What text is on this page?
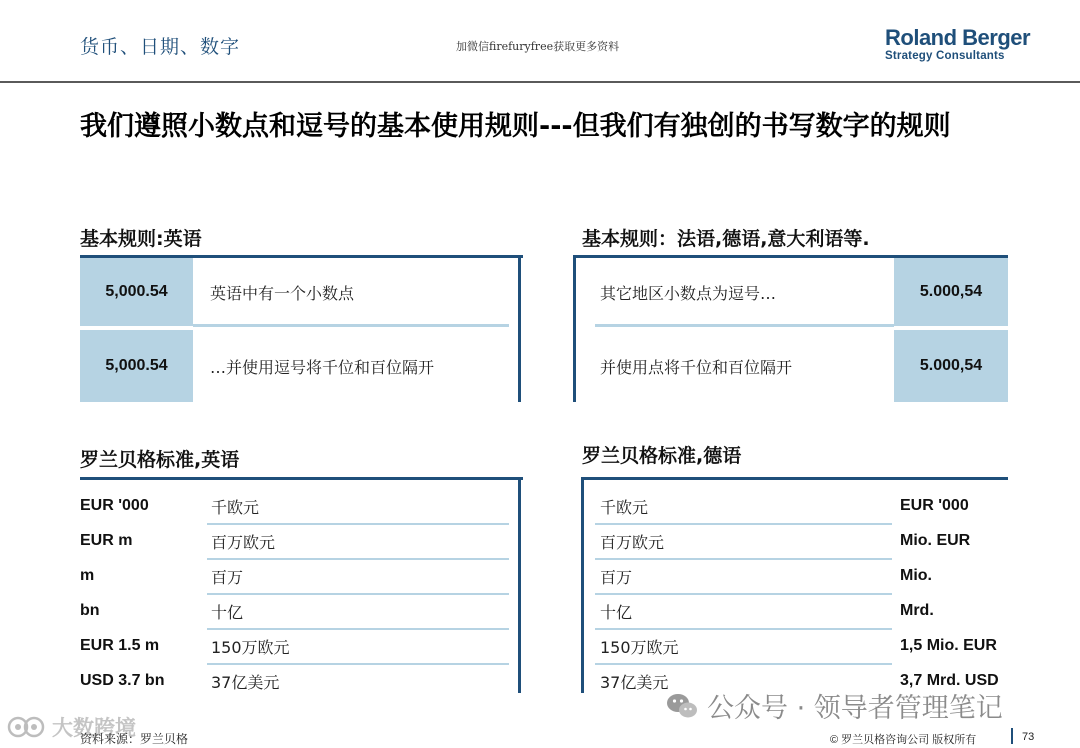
货币、日期、数字	加微信firefuryfree获取更多资料	Roland Berger
Strategy Consultants
我们遵照小数点和逗号的基本使用规则---但我们有独创的书写数字的规则
基本规则:英语
5,000.54	英语中有一个小数点
5,000.54	…并使用逗号将千位和百位隔开
基本规则：法语,德语,意大利语等.
其它地区小数点为逗号…	5.000,54
并使用点将千位和百位隔开	5.000,54
罗兰贝格标准,英语
EUR '000	千欧元
EUR m	百万欧元
m	百万
bn	十亿
EUR 1.5 m	150万欧元
USD 3.7 bn	37亿美元
罗兰贝格标准,德语
千欧元	EUR '000
百万欧元	Mio. EUR
百万	Mio.
十亿	Mrd.
150万欧元	1,5 Mio. EUR
37亿美元	3,7 Mrd. USD
公众号 · 领导者管理笔记
大数跨境
资料来源：罗兰贝格	© 罗兰贝格咨询公司 版权所有	73
